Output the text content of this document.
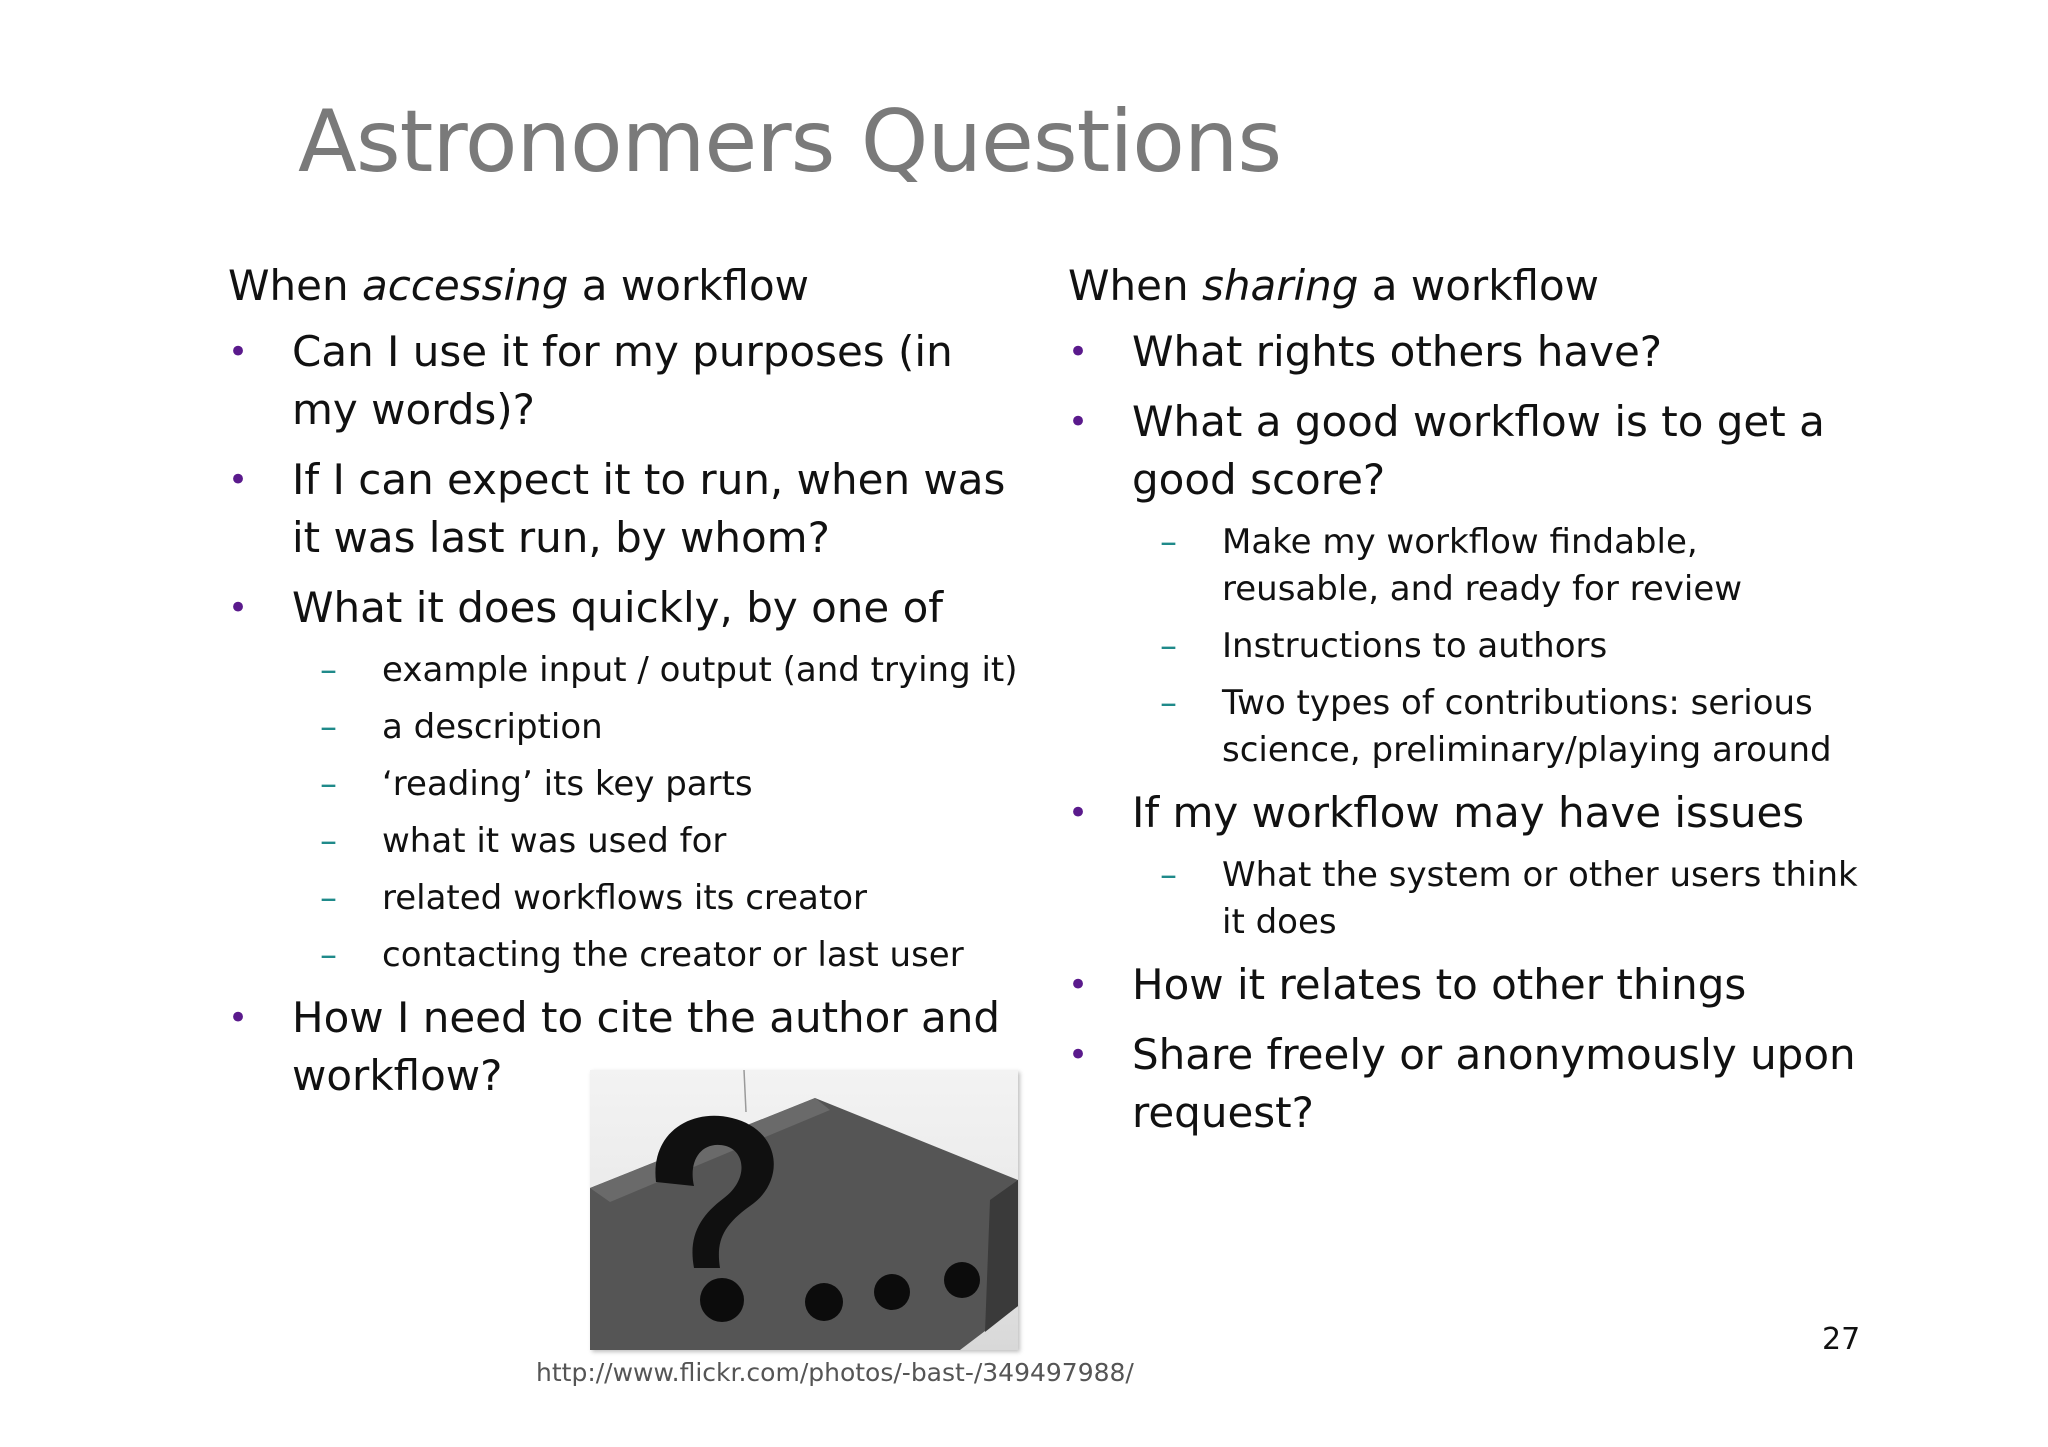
Astronomers Questions
When accessing a workflow
• Can I use it for my purposes (in my words)?
• If I can expect it to run, when was it was last run, by whom?
• What it does quickly, by one of
– example input / output (and trying it)
– a description
– ‘reading’ its key parts
– what it was used for
– related workflows its creator
– contacting the creator or last user
• How I need to cite the author and workflow?
When sharing a workflow
• What rights others have?
• What a good workflow is to get a good score?
– Make my workflow findable, reusable, and ready for review
– Instructions to authors
– Two types of contributions: serious science, preliminary/playing around
• If my workflow may have issues
– What the system or other users think it does
• How it relates to other things
• Share freely or anonymously upon request?
http://www.flickr.com/photos/-bast-/349497988/
27
